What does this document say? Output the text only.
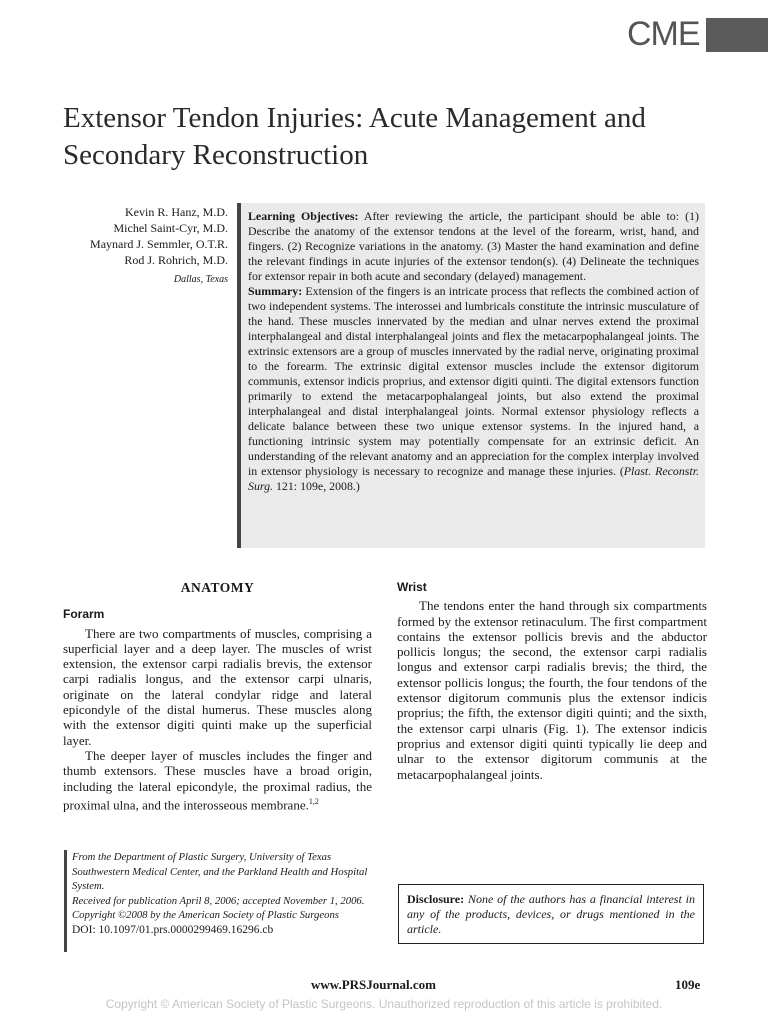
CME
Extensor Tendon Injuries: Acute Management and Secondary Reconstruction
Kevin R. Hanz, M.D.
Michel Saint-Cyr, M.D.
Maynard J. Semmler, O.T.R.
Rod J. Rohrich, M.D.
Dallas, Texas

Learning Objectives: After reviewing the article, the participant should be able to: (1) Describe the anatomy of the extensor tendons at the level of the forearm, wrist, hand, and fingers. (2) Recognize variations in the anatomy. (3) Master the hand examination and define the relevant findings in acute injuries of the extensor tendon(s). (4) Delineate the techniques for extensor repair in both acute and secondary (delayed) management.

Summary: Extension of the fingers is an intricate process that reflects the combined action of two independent systems. The interossei and lumbricals constitute the intrinsic musculature of the hand. These muscles innervated by the median and ulnar nerves extend the proximal interphalangeal and distal interphalangeal joints and flex the metacarpophalangeal joints. The extrinsic extensors are a group of muscles innervated by the radial nerve, originating proximal to the forearm. The extrinsic digital extensor muscles include the extensor digitorum communis, extensor indicis proprius, and extensor digiti quinti. The digital extensors function primarily to extend the metacarpophalangeal joints, but also extend the proximal interphalangeal and distal interphalangeal joints. Normal extensor physiology reflects a delicate balance between these two unique extensor systems. In the injured hand, a functioning intrinsic system may potentially compensate for an extrinsic deficit. An understanding of the relevant anatomy and an appreciation for the complex interplay involved in extensor physiology is necessary to recognize and manage these injuries. (Plast. Reconstr. Surg. 121: 109e, 2008.)

ANATOMY
Forarm

There are two compartments of muscles, comprising a superficial layer and a deep layer. The muscles of wrist extension, the extensor carpi radialis brevis, the extensor carpi radialis longus, and the extensor carpi ulnaris, originate on the lateral condylar ridge and lateral epicondyle of the distal humerus. These muscles along with the extensor digiti quinti make up the superficial layer.

The deeper layer of muscles includes the finger and thumb extensors. These muscles have a broad origin, including the lateral epicondyle, the proximal radius, the proximal ulna, and the interosseous membrane.$^{1,2}$

Wrist

The tendons enter the hand through six compartments formed by the extensor retinaculum. The first compartment contains the extensor pollicis brevis and the abductor pollicis longus; the second, the extensor carpi radialis longus and extensor carpi radialis brevis; the third, the extensor pollicis longus; the fourth, the four tendons of the extensor digitorum communis plus the extensor indicis proprius; the fifth, the extensor digiti quinti; and the sixth, the extensor carpi ulnaris (Fig. 1). The extensor indicis proprius and extensor digiti quinti typically lie deep and ulnar to the extensor digitorum communis at the metacarpophalangeal joints.

From the Department of Plastic Surgery, University of Texas Southwestern Medical Center, and the Parkland Health and Hospital System.
Received for publication April 8, 2006; accepted November 1, 2006.
Copyright ©2008 by the American Society of Plastic Surgeons
DOI: 10.1097/01.prs.0000299469.16296.cb
Disclosure: None of the authors has a financial interest in any of the products, devices, or drugs mentioned in the article.
www.PRSJournal.com	109e
Copyright © American Society of Plastic Surgeons. Unauthorized reproduction of this article is prohibited.
